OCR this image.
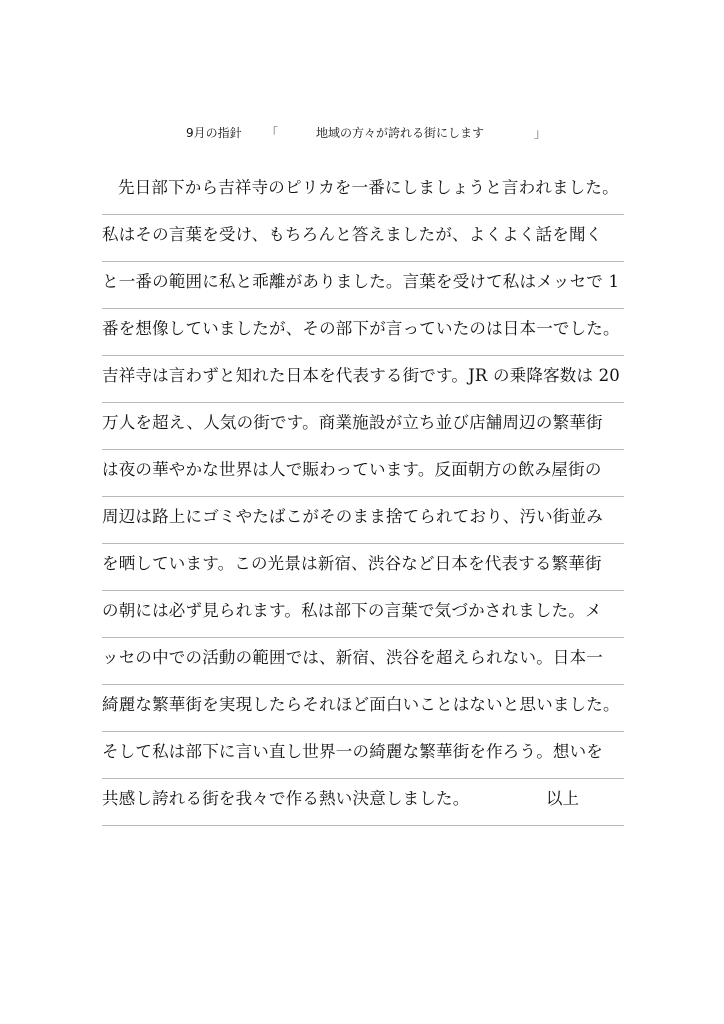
9月の指針 「	地域の方々が誇れる街にします	」
先日部下から吉祥寺のピリカを一番にしましょうと言われました。
私はその言葉を受け、もちろんと答えましたが、よくよく話を聞く
と一番の範囲に私と乖離がありました。言葉を受けて私はメッセで 1
番を想像していましたが、その部下が言っていたのは日本一でした。
吉祥寺は言わずと知れた日本を代表する街です。JR の乗降客数は 20
万人を超え、人気の街です。商業施設が立ち並び店舗周辺の繁華街
は夜の華やかな世界は人で賑わっています。反面朝方の飲み屋街の
周辺は路上にゴミやたばこがそのまま捨てられており、汚い街並み
を晒しています。この光景は新宿、渋谷など日本を代表する繁華街
の朝には必ず見られます。私は部下の言葉で気づかされました。メ
ッセの中での活動の範囲では、新宿、渋谷を超えられない。日本一
綺麗な繁華街を実現したらそれほど面白いことはないと思いました。
そして私は部下に言い直し世界一の綺麗な繁華街を作ろう。想いを
共感し誇れる街を我々で作る熱い決意しました。	以上
